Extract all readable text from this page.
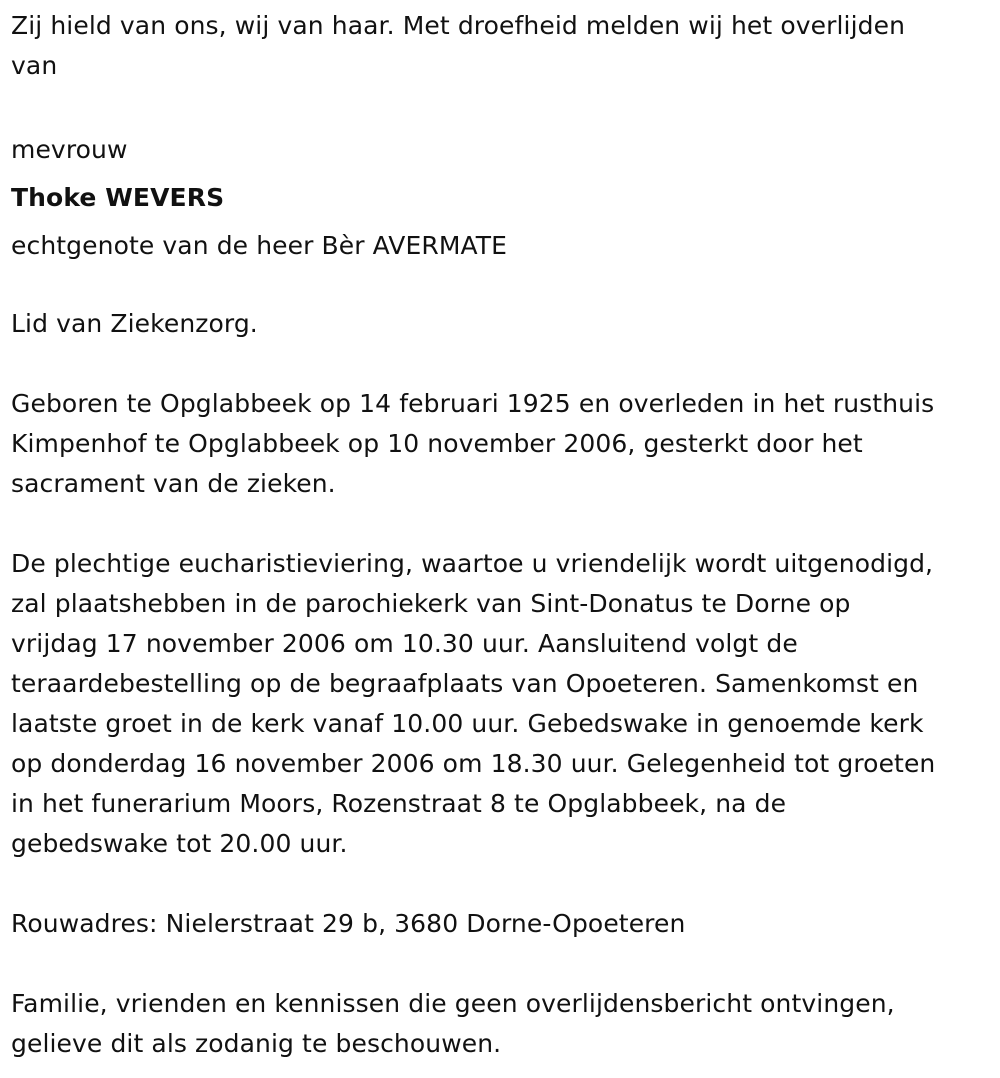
Zij hield van ons, wij van haar. Met droefheid melden wij het overlijden
van
mevrouw
Thoke WEVERS
echtgenote van de heer Bèr AVERMATE
Lid van Ziekenzorg.
Geboren te Opglabbeek op 14 februari 1925 en overleden in het rusthuis
Kimpenhof te Opglabbeek op 10 november 2006, gesterkt door het
sacrament van de zieken.
De plechtige eucharistieviering, waartoe u vriendelijk wordt uitgenodigd,
zal plaatshebben in de parochiekerk van Sint-Donatus te Dorne op
vrijdag 17 november 2006 om 10.30 uur. Aansluitend volgt de
teraardebestelling op de begraafplaats van Opoeteren. Samenkomst en
laatste groet in de kerk vanaf 10.00 uur. Gebedswake in genoemde kerk
op donderdag 16 november 2006 om 18.30 uur. Gelegenheid tot groeten
in het funerarium Moors, Rozenstraat 8 te Opglabbeek, na de
gebedswake tot 20.00 uur.
Rouwadres: Nielerstraat 29 b, 3680 Dorne-Opoeteren
Familie, vrienden en kennissen die geen overlijdensbericht ontvingen,
gelieve dit als zodanig te beschouwen.
